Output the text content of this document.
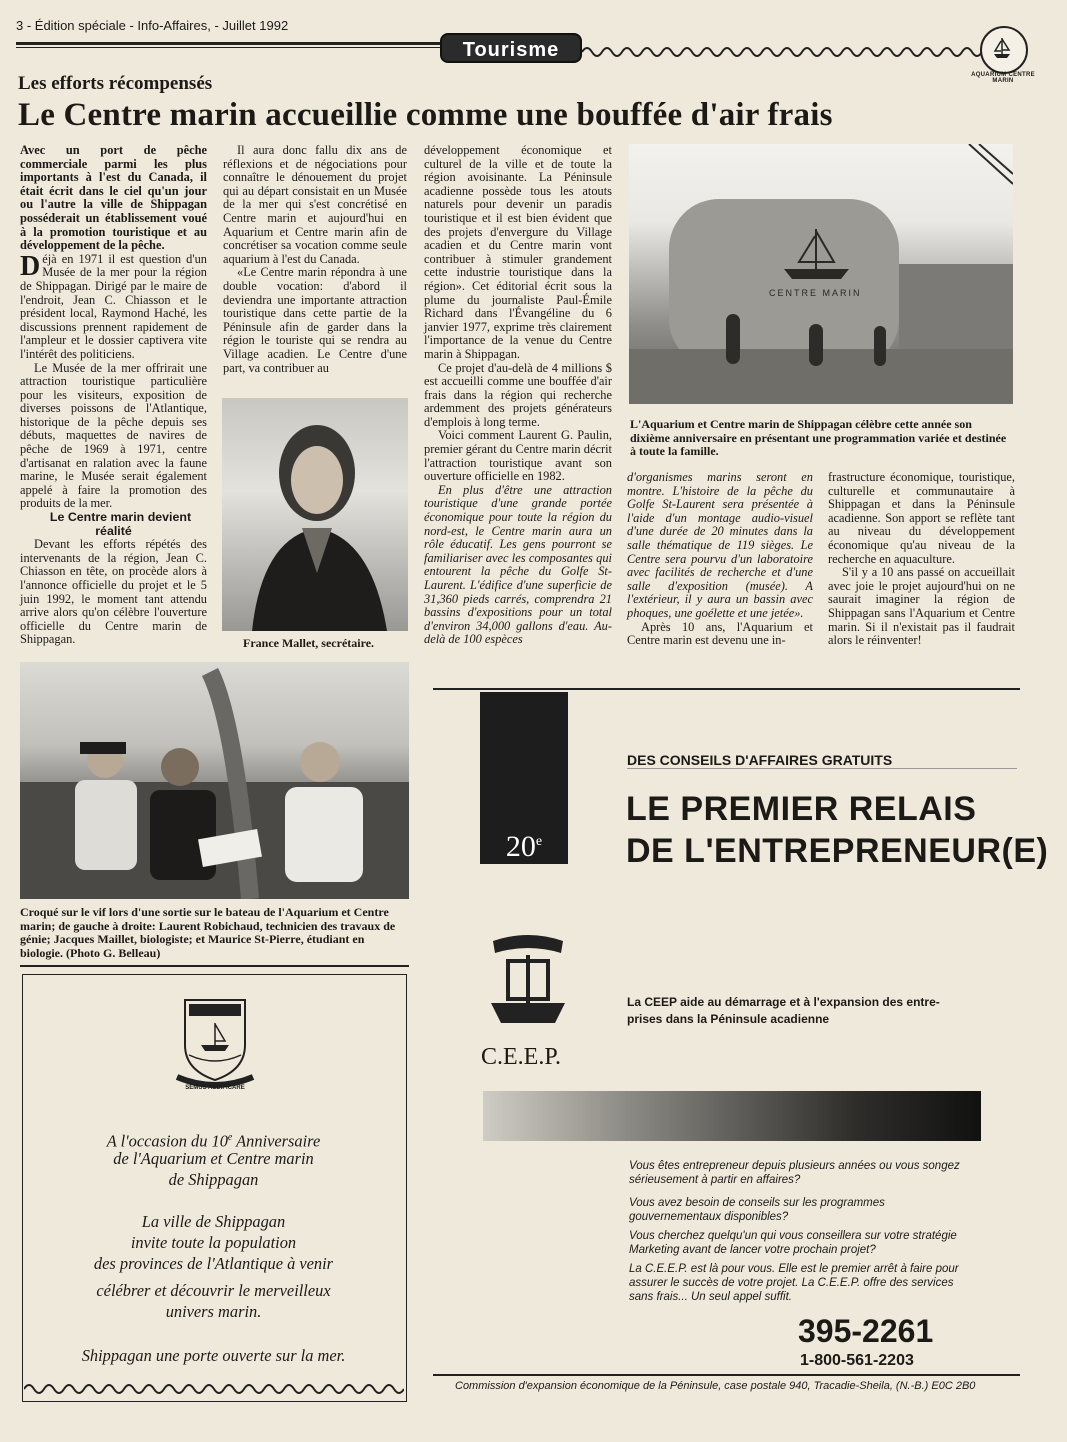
3 - Édition spéciale - Info-Affaires, - Juillet 1992
Tourisme
AQUARIUM CENTRE MARIN
Les efforts récompensés
Le Centre marin accueillie comme une bouffée d'air frais

Avec un port de pêche commerciale parmi les plus importants à l'est du Canada, il était écrit dans le ciel qu'un jour ou l'autre la ville de Shippagan posséderait un établissement voué à la promotion touristique et au développement de la pêche.

Déjà en 1971 il est question d'un Musée de la mer pour la région de Shippagan. Dirigé par le maire de l'endroit, Jean C. Chiasson et le président local, Raymond Haché, les discussions prennent rapidement de l'ampleur et le dossier captivera vite l'intérêt des politiciens.

Le Musée de la mer offrirait une attraction touristique particulière pour les visiteurs, exposition de diverses poissons de l'Atlantique, historique de la pêche depuis ses débuts, maquettes de navires de pêche de 1969 à 1971, centre d'artisanat en ralation avec la faune marine, le Musée serait également appelé à faire la promotion des produits de la mer.

Le Centre marin devient réalité

Devant les efforts répétés des intervenants de la région, Jean C. Chiasson en tête, on procède alors à l'annonce officielle du projet et le 5 juin 1992, le moment tant attendu arrive alors qu'on célèbre l'ouverture officielle du Centre marin de Shippagan.

Il aura donc fallu dix ans de réflexions et de négociations pour connaître le dénouement du projet qui au départ consistait en un Musée de la mer qui s'est concrétisé en Centre marin et aujourd'hui en Aquarium et Centre marin afin de concrétiser sa vocation comme seule aquarium à l'est du Canada.

«Le Centre marin répondra à une double vocation: d'abord il deviendra une importante attraction touristique dans cette partie de la Péninsule afin de garder dans la région le touriste qui se rendra au Village acadien. Le Centre d'une part, va contribuer au

France Mallet, secrétaire.

développement économique et culturel de la ville et de toute la région avoisinante. La Péninsule acadienne possède tous les atouts naturels pour devenir un paradis touristique et il est bien évident que des projets d'envergure du Village acadien et du Centre marin vont contribuer à stimuler grandement cette industrie touristique dans la région». Cet éditorial écrit sous la plume du journaliste Paul-Émile Richard dans l'Évangéline du 6 janvier 1977, exprime très clairement l'importance de la venue du Centre marin à Shippagan.

Ce projet d'au-delà de 4 millions $ est accueilli comme une bouffée d'air frais dans la région qui recherche ardemment des projets générateurs d'emplois à long terme.

Voici comment Laurent G. Paulin, premier gérant du Centre marin décrit l'attraction touristique avant son ouverture officielle en 1982.

En plus d'être une attraction touristique d'une grande portée économique pour toute la région du nord-est, le Centre marin aura un rôle éducatif. Les gens pourront se familiariser avec les composantes qui entourent la pêche du Golfe St-Laurent. L'édifice d'une superficie de 31,360 pieds carrés, comprendra 21 bassins d'expositions pour un total d'environ 34,000 gallons d'eau. Au-delà de 100 espèces

CENTRE MARIN
L'Aquarium et Centre marin de Shippagan célèbre cette année son dixième anniversaire en présentant une programmation variée et destinée à toute la famille.

d'organismes marins seront en montre. L'histoire de la pêche du Golfe St-Laurent sera présentée à l'aide d'un montage audio-visuel d'une durée de 20 minutes dans la salle thématique de 119 sièges. Le Centre sera pourvu d'un laboratoire avec facilités de recherche et d'une salle d'exposition (musée). A l'extérieur, il y aura un bassin avec phoques, une goélette et une jetée».

Après 10 ans, l'Aquarium et Centre marin est devenu une in-

frastructure économique, touristique, culturelle et communautaire à Shippagan et dans la Péninsule acadienne. Son apport se reflète tant au niveau du développement économique qu'au niveau de la recherche en aquaculture.

S'il y a 10 ans passé on accueillait avec joie le projet aujourd'hui on ne saurait imaginer la région de Shippagan sans l'Aquarium et Centre marin. Si il n'existait pas il faudrait alors le réinventer!

Croqué sur le vif lors d'une sortie sur le bateau de l'Aquarium et Centre marin; de gauche à droite: Laurent Robichaud, technicien des travaux de génie; Jacques Maillet, biologiste; et Maurice St-Pierre, étudiant en biologie. (Photo G. Belleau)
SEMUS AEDIFICARE
A l'occasion du 10e Anniversaire
de l'Aquarium et Centre marin
de Shippagan
La ville de Shippagan
invite toute la population
des provinces de l'Atlantique à venir
célébrer et découvrir le merveilleux
univers marin.
Shippagan une porte ouverte sur la mer.
20e
DES CONSEILS D'AFFAIRES GRATUITS
LE PREMIER RELAIS
DE L'ENTREPRENEUR(E)
C.E.E.P.
La CEEP aide au démarrage et à l'expansion des entre-
prises dans la Péninsule acadienne
Vous êtes entrepreneur depuis plusieurs années ou vous songez sérieusement à partir en affaires?
Vous avez besoin de conseils sur les programmes gouvernementaux disponibles?
Vous cherchez quelqu'un qui vous conseillera sur votre stratégie Marketing avant de lancer votre prochain projet?
La C.E.E.P. est là pour vous. Elle est le premier arrêt à faire pour assurer le succès de votre projet. La C.E.E.P. offre des services sans frais... Un seul appel suffit.
395-2261
1-800-561-2203
Commission d'expansion économique de la Péninsule, case postale 940, Tracadie-Sheila, (N.-B.) E0C 2B0
